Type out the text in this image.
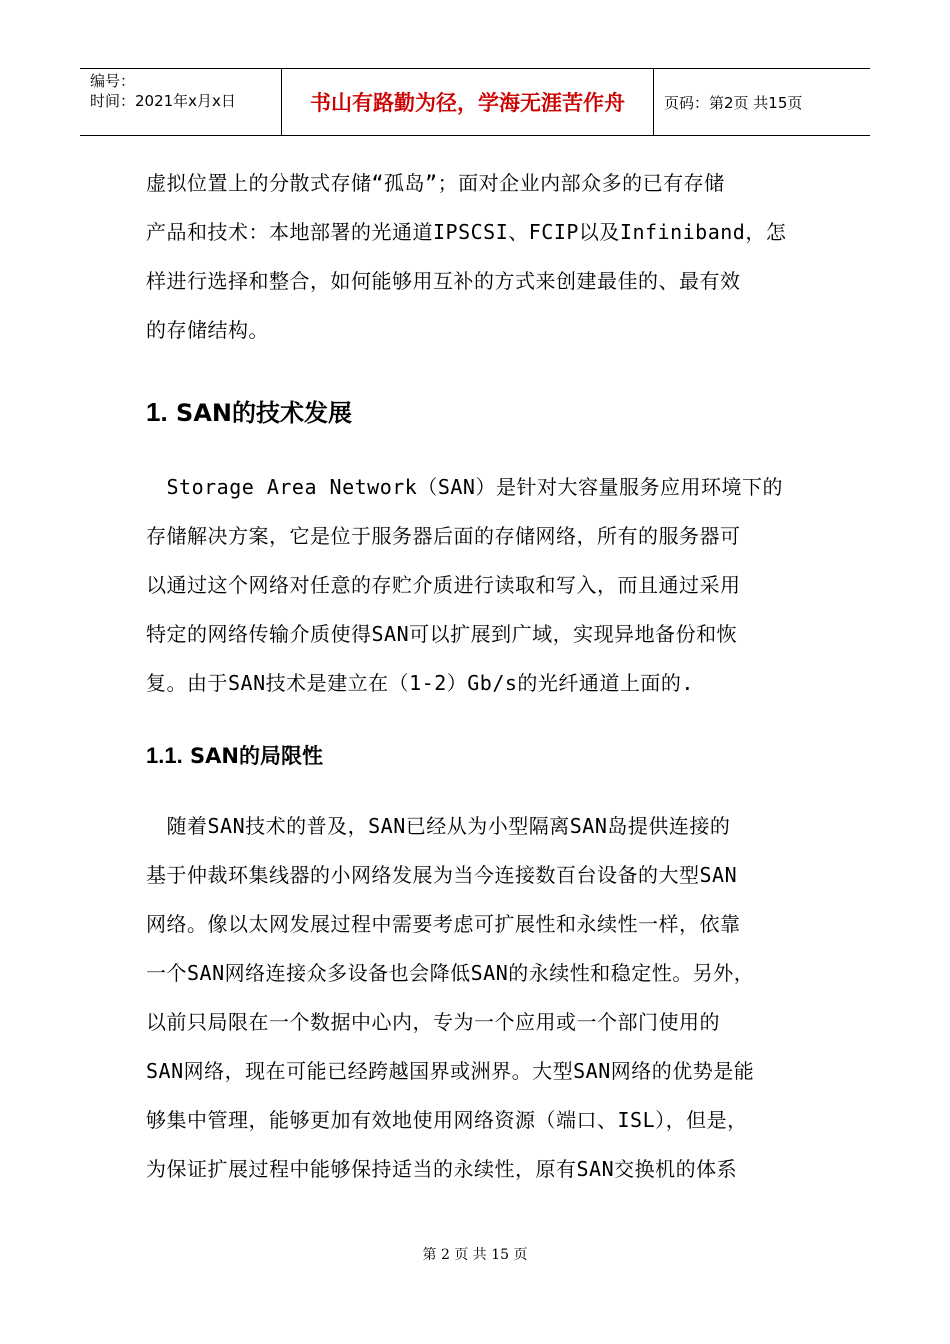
编号：
时间：2021年x月x日	书山有路勤为径，学海无涯苦作舟	页码：第2页 共15页
虚拟位置上的分散式存储“孤岛”；面对企业内部众多的已有存储
产品和技术：本地部署的光通道IPSCSI、FCIP以及Infiniband，怎
样进行选择和整合，如何能够用互补的方式来创建最佳的、最有效
的存储结构。
1. SAN的技术发展
　Storage Area Network（SAN）是针对大容量服务应用环境下的
存储解决方案，它是位于服务器后面的存储网络，所有的服务器可
以通过这个网络对任意的存贮介质进行读取和写入，而且通过采用
特定的网络传输介质使得SAN可以扩展到广域，实现异地备份和恢
复。由于SAN技术是建立在（1-2）Gb/s的光纤通道上面的.
1.1. SAN的局限性
　随着SAN技术的普及，SAN已经从为小型隔离SAN岛提供连接的
基于仲裁环集线器的小网络发展为当今连接数百台设备的大型SAN
网络。像以太网发展过程中需要考虑可扩展性和永续性一样，依靠
一个SAN网络连接众多设备也会降低SAN的永续性和稳定性。另外，
以前只局限在一个数据中心内，专为一个应用或一个部门使用的
SAN网络，现在可能已经跨越国界或洲界。大型SAN网络的优势是能
够集中管理，能够更加有效地使用网络资源（端口、ISL），但是，
为保证扩展过程中能够保持适当的永续性，原有SAN交换机的体系
第 2 页 共 15 页
